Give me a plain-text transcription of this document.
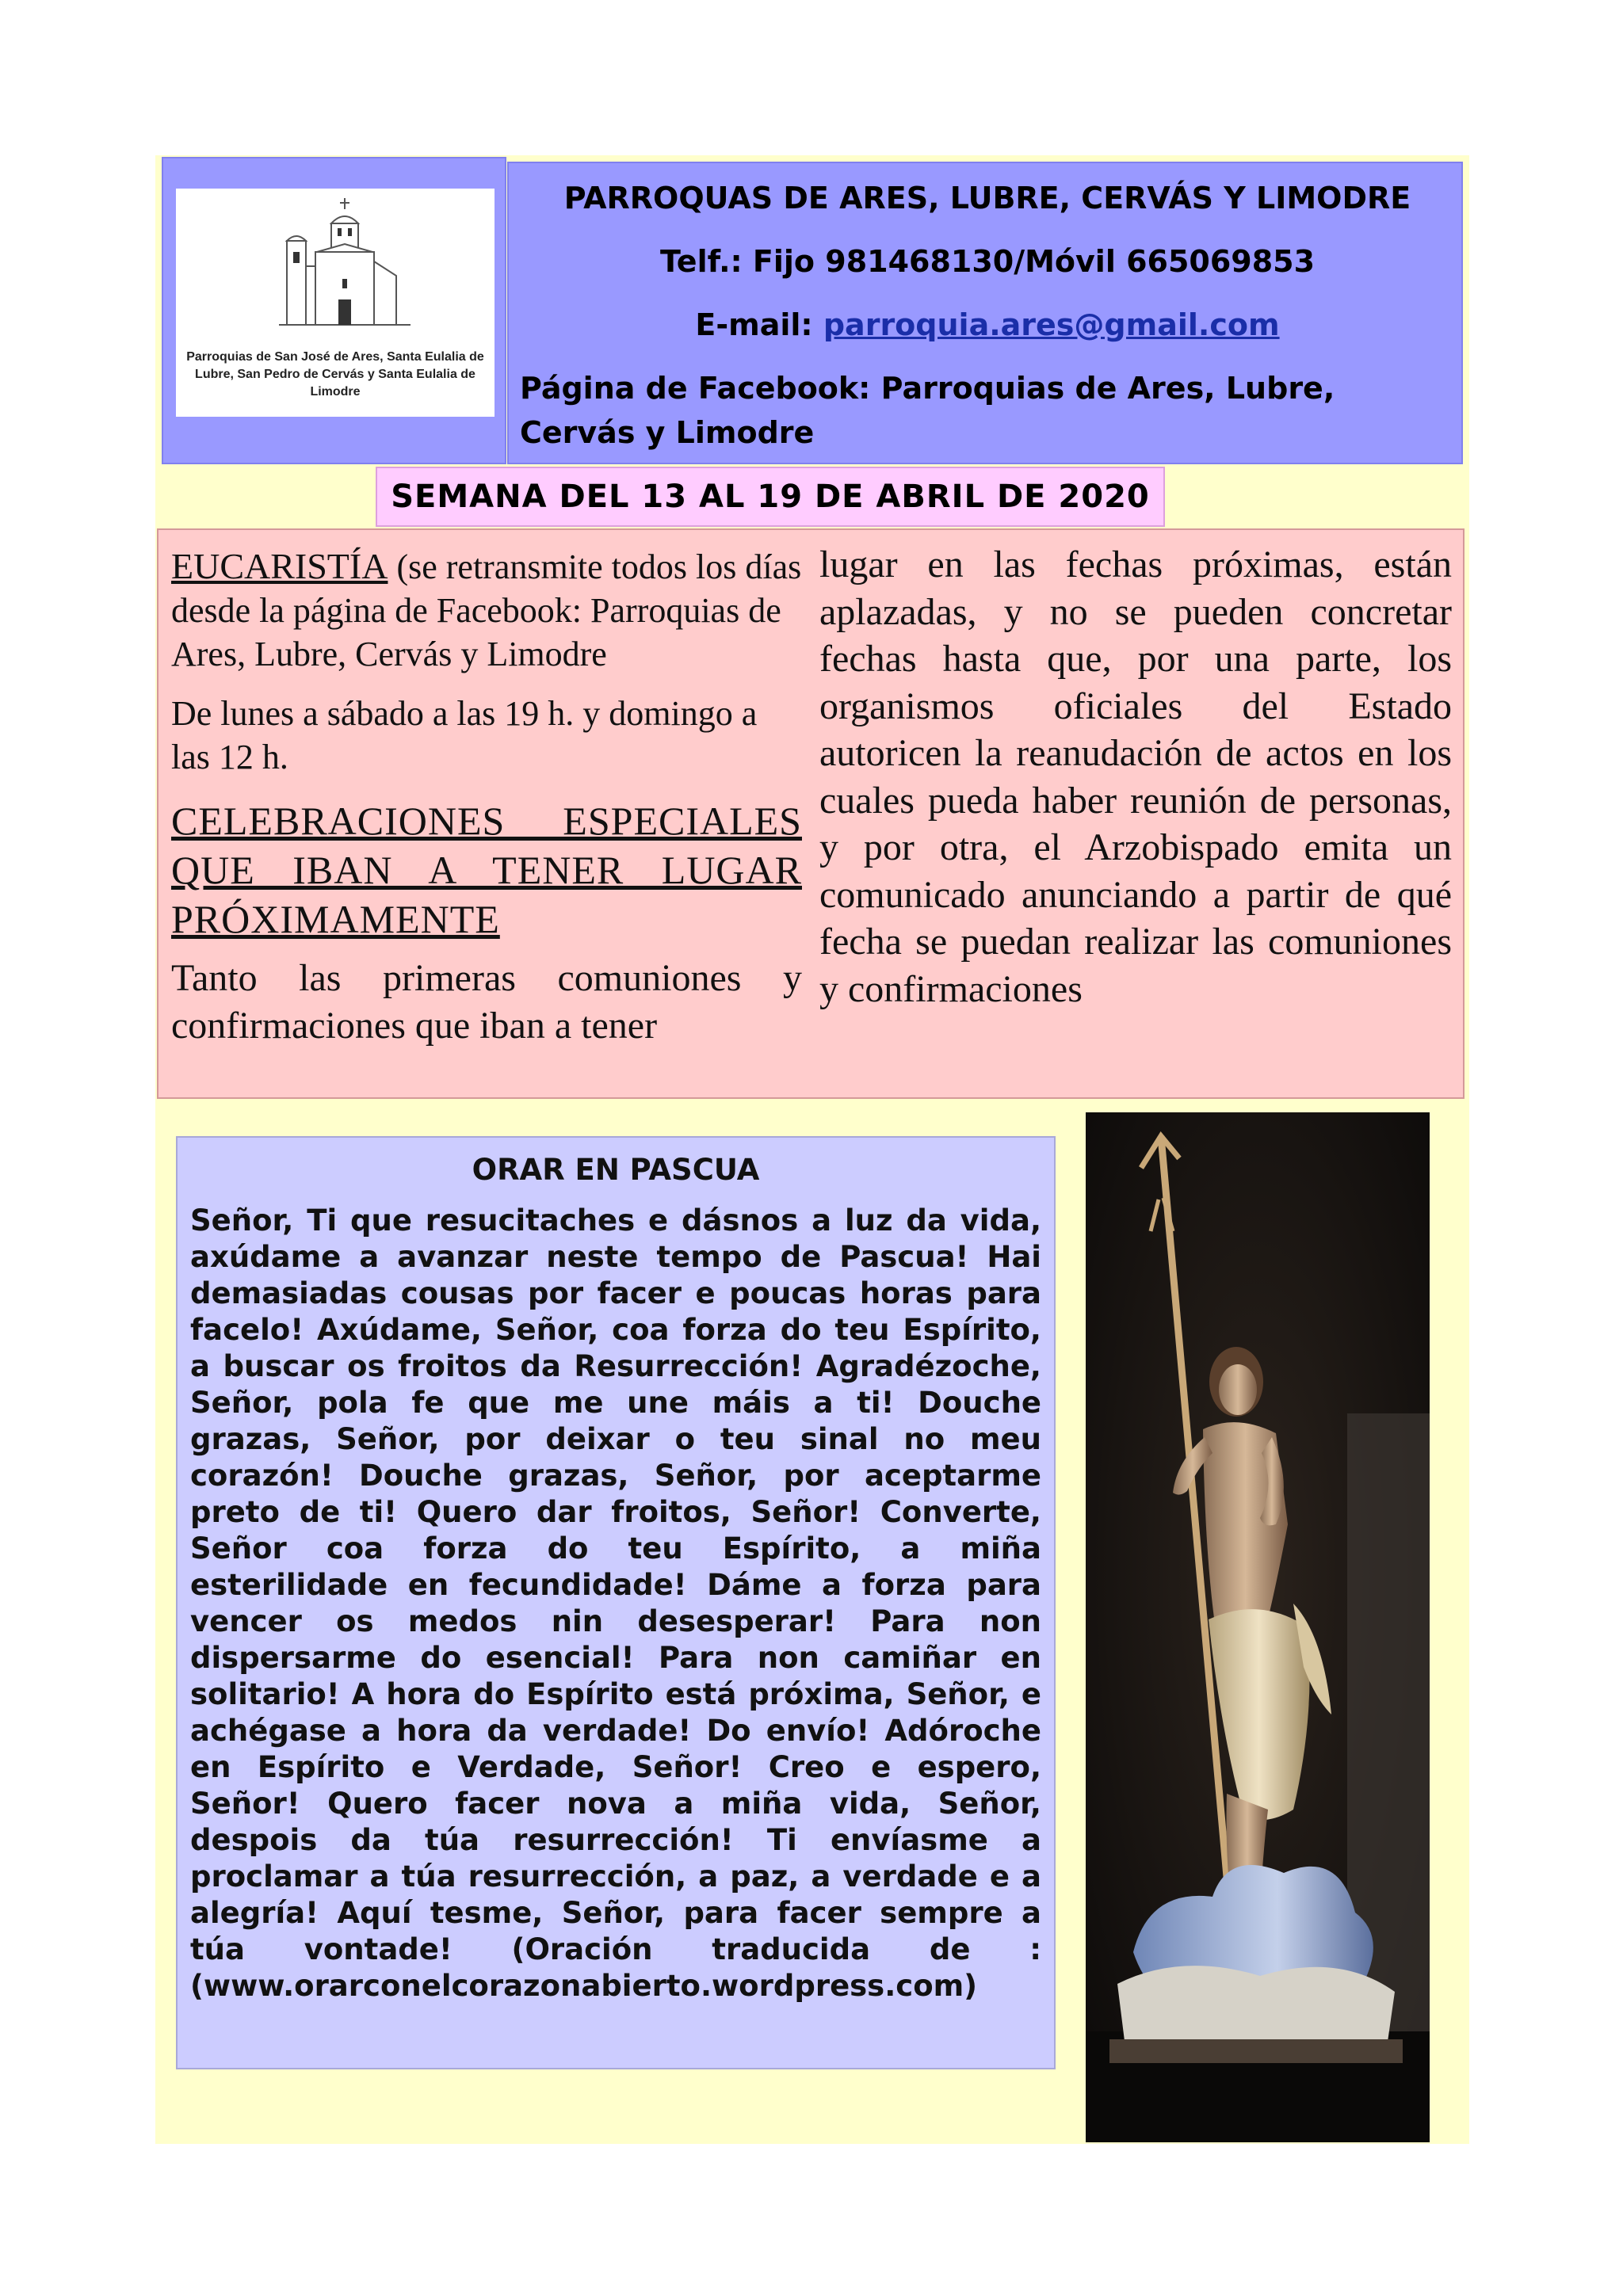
Parroquias de San José de Ares, Santa Eulalia de Lubre, San Pedro de Cervás y Santa Eulalia de Limodre
PARROQUAS DE ARES, LUBRE, CERVÁS Y LIMODRE
Telf.: Fijo 981468130/Móvil 665069853
E-mail: parroquia.ares@gmail.com
Página de Facebook: Parroquias de Ares, Lubre,
Cervás y Limodre
SEMANA DEL 13 AL 19 DE ABRIL DE 2020

EUCARISTÍA (se retransmite todos los días desde la página de Facebook: Parroquias de Ares, Lubre, Cervás y Limodre

De lunes a sábado a las 19 h. y domingo a las 12 h.

CELEBRACIONES ESPECIALES QUE IBAN A TENER LUGAR PRÓXIMAMENTE

Tanto las primeras comuniones y confirmaciones que iban a tener

lugar en las fechas próximas, están aplazadas, y no se pueden concretar fechas hasta que, por una parte, los organismos oficiales del Estado autoricen la reanudación de actos en los cuales pueda haber reunión de personas, y por otra, el Arzobispado emita un comunicado anunciando a partir de qué fecha se puedan realizar las comuniones y confirmaciones
ORAR EN PASCUA
Señor, Ti que resucitaches e dásnos a luz da vida, axúdame a avanzar neste tempo de Pascua! Hai demasiadas cousas por facer e poucas horas para facelo! Axúdame, Señor, coa forza do teu Espírito, a buscar os froitos da Resurrección! Agradézoche, Señor, pola fe que me une máis a ti! Douche grazas, Señor, por deixar o teu sinal no meu corazón! Douche grazas, Señor, por aceptarme preto de ti! Quero dar froitos, Señor! Converte, Señor coa forza do teu Espírito, a miña esterilidade en fecundidade! Dáme a forza para vencer os medos nin desesperar! Para non dispersarme do esencial! Para non camiñar en solitario! A hora do Espírito está próxima, Señor, e achégase a hora da verdade! Do envío! Adóroche en Espírito e Verdade, Señor! Creo e espero, Señor! Quero facer nova a miña vida, Señor, despois da túa resurrección! Ti envíasme a proclamar a túa resurrección, a paz, a verdade e a alegría! Aquí tesme, Señor, para facer sempre a túa vontade! (Oración traducida de : (www.orarconelcorazonabierto.wordpress.com)
